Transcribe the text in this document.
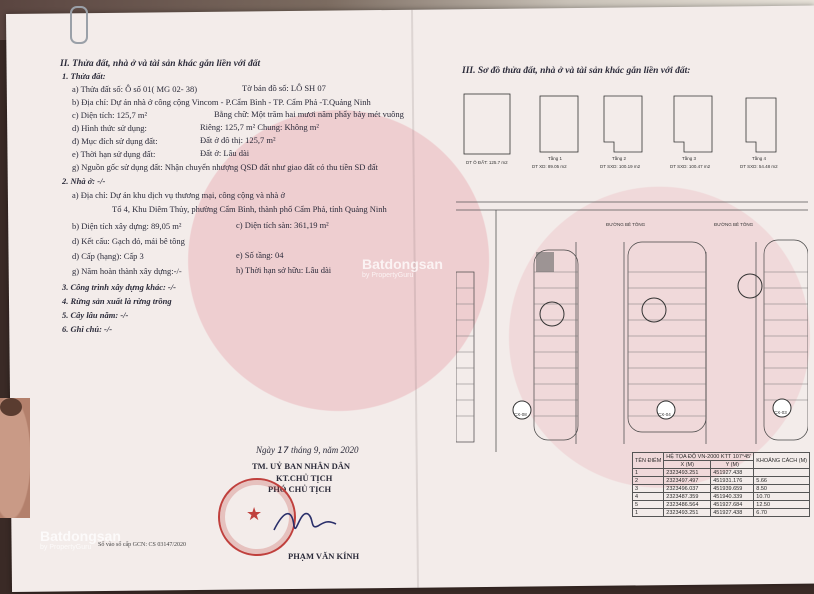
II. Thửa đất, nhà ở và tài sản khác gắn liền với đất
1. Thửa đất:
a) Thửa đất số: Ô số 01( MG 02- 38)	Tờ bản đồ số: LÔ SH 07
b) Địa chỉ: Dự án nhà ở công cộng Vincom - P.Cẩm Bình - TP. Cẩm Phả -T.Quảng Ninh
c) Diện tích: 125,7 m²	Bằng chữ: Một trăm hai mươi năm phẩy bảy mét vuông
d) Hình thức sử dụng:	Riêng: 125,7 m² Chung: Không m²
đ) Mục đích sử dụng đất:	Đất ở đô thị: 125,7 m²
e) Thời hạn sử dụng đất:	Đất ở: Lâu dài
g) Nguồn gốc sử dụng đất: Nhận chuyển nhượng QSD đất như giao đất có thu tiền SD đất
2. Nhà ở: -/-
a) Địa chỉ: Dự án khu dịch vụ thương mại, công cộng và nhà ở
Tổ 4, Khu Diêm Thủy, phường Cẩm Bình, thành phố Cẩm Phả, tỉnh Quảng Ninh
b) Diện tích xây dựng: 89,05 m²	c) Diện tích sàn: 361,19 m²
d) Kết cấu: Gạch đỏ, mái bê tông
d) Cấp (hạng): Cấp 3	e) Số tầng: 04
g) Năm hoàn thành xây dựng:-/-	h) Thời hạn sở hữu: Lâu dài
3. Công trình xây dựng khác: -/-
4. Rừng sản xuất là rừng trồng
5. Cây lâu năm: -/-
6. Ghi chú: -/-
Ngày 17 tháng 9, năm 2020
TM. UỶ BAN NHÂN DÂN
KT.CHỦ TỊCH
PHÓ CHỦ TỊCH
★
PHẠM VĂN KÍNH
Số vào sổ cấp GCN: CS 03147/2020
Batdongsan
by PropertyGuru
Batdongsan
by PropertyGuru
III. Sơ đồ thửa đất, nhà ở và tài sản khác gắn liền với đất:
DT Ô ĐẤT: 125.7 m2
Tầng 1	Tầng 2	Tầng 3	Tầng 4
DT XD: 89.05 m2	DT SXD: 100.19 m2	DT SXD: 100.47 m2	DT SXD: 54.48 m2
ĐƯỜNG BÊ TÔNG	ĐƯỜNG BÊ TÔNG
CX-08	CX-04	CX-03
TÊN ĐIỂM	HỆ TỌA ĐỘ VN-2000 KTT 107°45'		KHOẢNG CÁCH (M)
	X (M)	Y (M)	
1	2323493.251	451927.438	
2	2323497.497	451931.176	5.66
3	2323496.037	451939.659	8.50
4	2323487.359	451940.339	10.70
5	2323486.564	451927.684	12.50
1	2323493.251	451927.438	6.70
